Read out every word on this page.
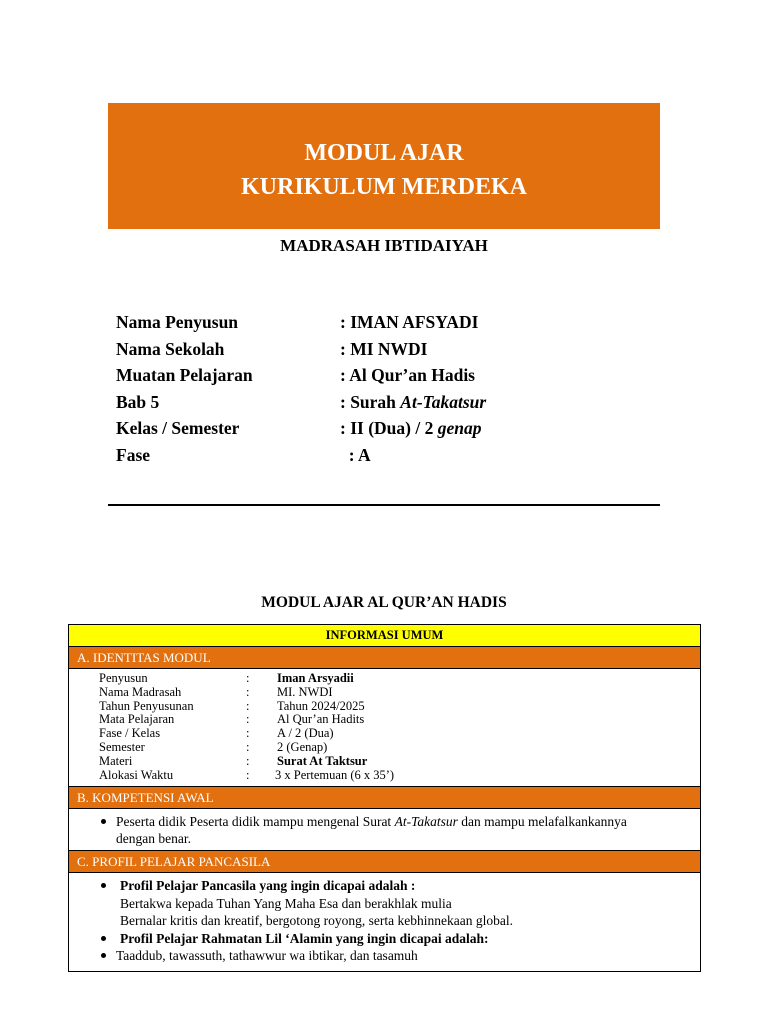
MODUL AJAR
KURIKULUM MERDEKA
MADRASAH IBTIDAIYAH
Nama Penyusun	: IMAN AFSYADI
Nama Sekolah	: MI NWDI
Muatan Pelajaran	: Al Qur’an Hadis
Bab 5	: Surah At-Takatsur
Kelas / Semester	: II (Dua) / 2 genap
Fase	: A
MODUL AJAR AL QUR’AN HADIS
INFORMASI UMUM
A. IDENTITAS MODUL
Penyusun	: Iman Arsyadii
Nama Madrasah	: MI. NWDI
Tahun Penyusunan	: Tahun 2024/2025
Mata Pelajaran	: Al Qur’an Hadits
Fase / Kelas	: A / 2 (Dua)
Semester	: 2 (Genap)
Materi	: Surat At Taktsur
Alokasi Waktu	: 3 x Pertemuan (6 x 35’)
B. KOMPETENSI AWAL
Peserta didik Peserta didik mampu mengenal Surat At-Takatsur dan mampu melafalkankannya
dengan benar.
C. PROFIL PELAJAR PANCASILA
Profil Pelajar Pancasila yang ingin dicapai adalah :
Bertakwa kepada Tuhan Yang Maha Esa dan berakhlak mulia
Bernalar kritis dan kreatif, bergotong royong, serta kebhinnekaan global.
Profil Pelajar Rahmatan Lil ‘Alamin yang ingin dicapai adalah:
Taaddub, tawassuth, tathawwur wa ibtikar, dan tasamuh
